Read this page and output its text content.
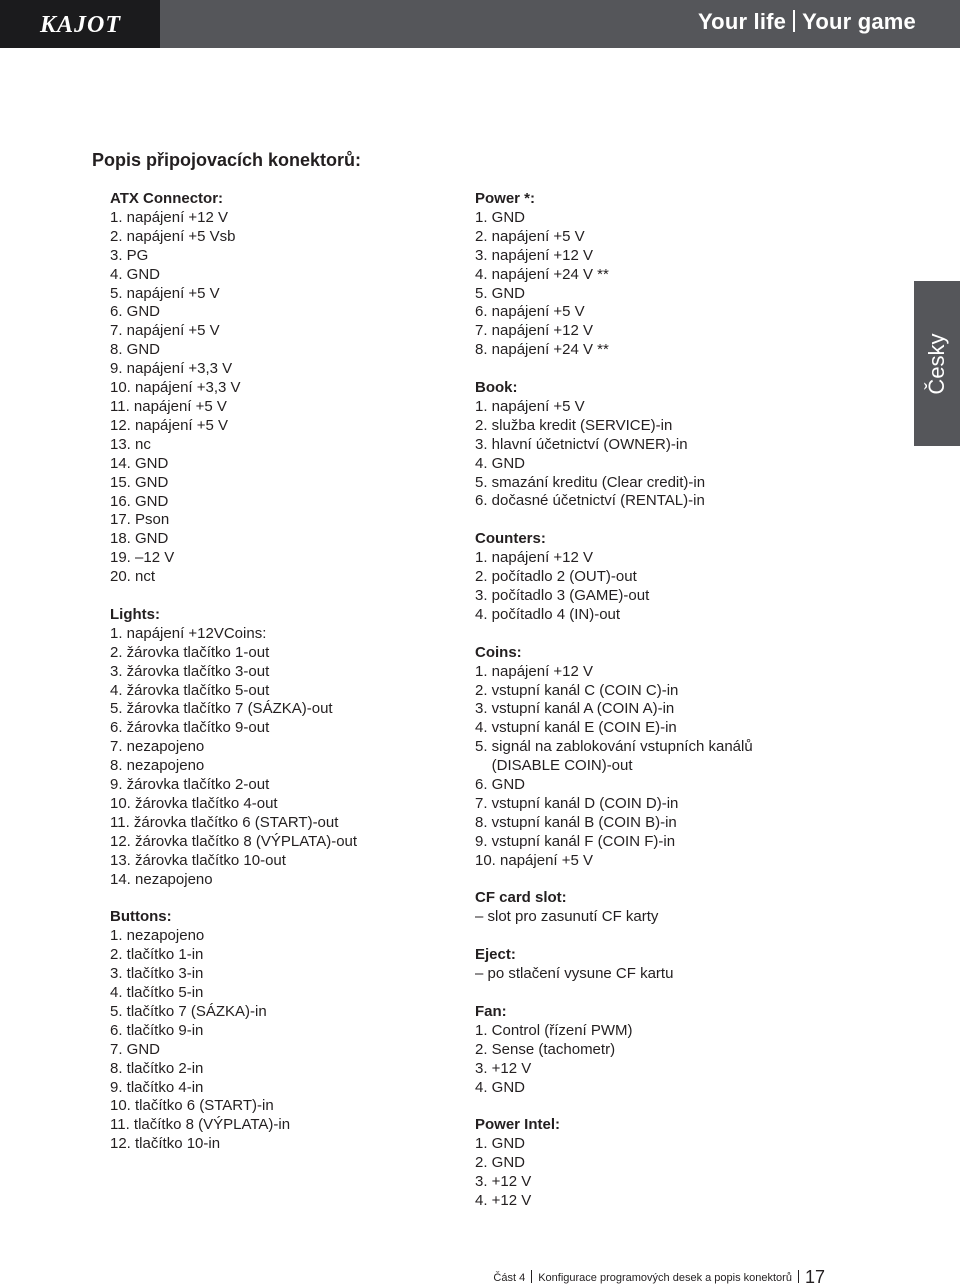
KAJOT	Your life Your game
Popis připojovacích konektorů:
ATX Connector:
1. napájení +12 V
2. napájení +5 Vsb
3. PG
4. GND
5. napájení +5 V
6. GND
7. napájení +5 V
8. GND
9. napájení +3,3 V
10. napájení +3,3 V
11. napájení +5 V
12. napájení +5 V
13. nc
14. GND
15. GND
16. GND
17. Pson
18. GND
19. –12 V
20. nct
Lights:
1. napájení +12VCoins:
2. žárovka tlačítko 1-out
3. žárovka tlačítko 3-out
4. žárovka tlačítko 5-out
5. žárovka tlačítko 7 (SÁZKA)-out
6. žárovka tlačítko 9-out
7. nezapojeno
8. nezapojeno
9. žárovka tlačítko 2-out
10. žárovka tlačítko 4-out
11. žárovka tlačítko 6 (START)-out
12. žárovka tlačítko 8 (VÝPLATA)-out
13. žárovka tlačítko 10-out
14. nezapojeno
Buttons:
1. nezapojeno
2. tlačítko 1-in
3. tlačítko 3-in
4. tlačítko 5-in
5. tlačítko 7 (SÁZKA)-in
6. tlačítko 9-in
7. GND
8. tlačítko 2-in
9. tlačítko 4-in
10. tlačítko 6 (START)-in
11. tlačítko 8 (VÝPLATA)-in
12. tlačítko 10-in
Power *:
1. GND
2. napájení +5 V
3. napájení +12 V
4. napájení +24 V **
5. GND
6. napájení +5 V
7. napájení +12 V
8. napájení +24 V **
Book:
1. napájení +5 V
2. služba kredit (SERVICE)-in
3. hlavní účetnictví (OWNER)-in
4. GND
5. smazání kreditu (Clear credit)-in
6. dočasné účetnictví (RENTAL)-in
Counters:
1. napájení +12 V
2. počítadlo 2 (OUT)-out
3. počítadlo 3 (GAME)-out
4. počítadlo 4 (IN)-out
Coins:
1. napájení +12 V
2. vstupní kanál C (COIN C)-in
3. vstupní kanál A (COIN A)-in
4. vstupní kanál E (COIN E)-in
5. signál na zablokování vstupních kanálů
(DISABLE COIN)-out
6. GND
7. vstupní kanál D (COIN D)-in
8. vstupní kanál B (COIN B)-in
9. vstupní kanál F (COIN F)-in
10. napájení +5 V
CF card slot:
– slot pro zasunutí CF karty
Eject:
– po stlačení vysune CF kartu
Fan:
1. Control (řízení PWM)
2. Sense (tachometr)
3. +12 V
4. GND
Power Intel:
1. GND
2. GND
3. +12 V
4. +12 V
Česky
Část 4 Konfigurace programových desek a popis konektorů 17
